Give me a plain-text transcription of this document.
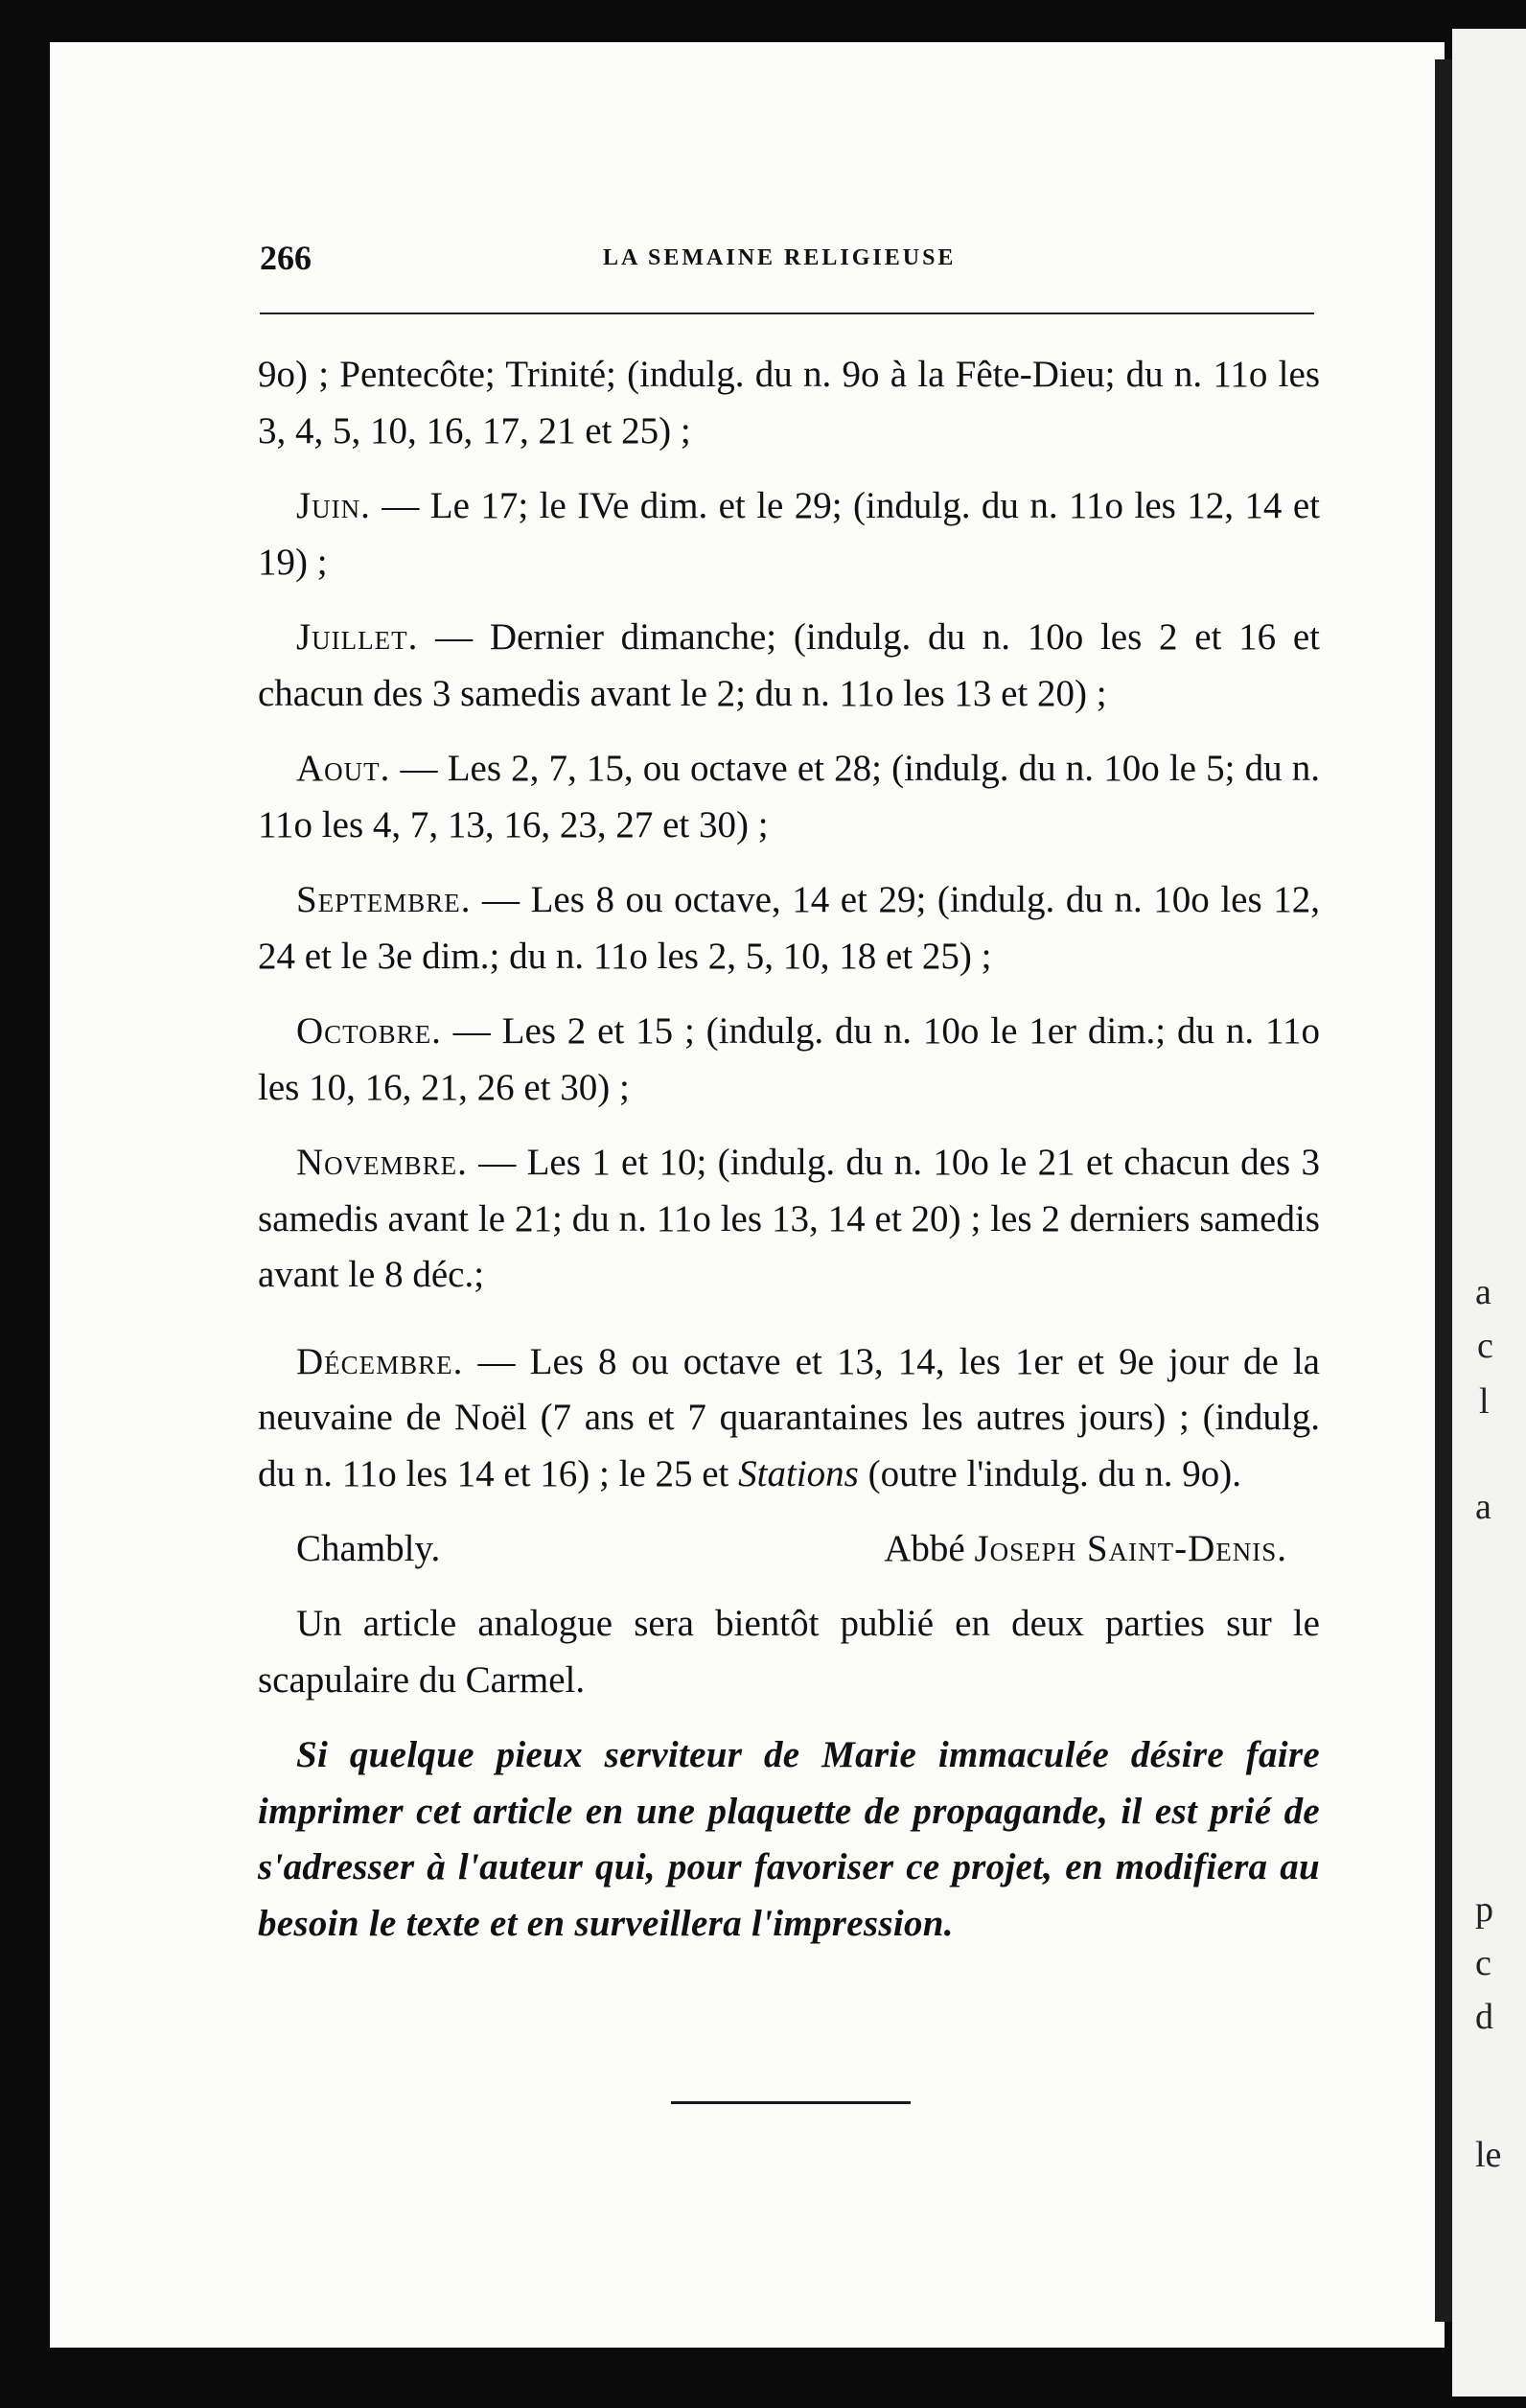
a
c
l
a
p
c
d
le
266	LA SEMAINE RELIGIEUSE

9o) ; Pentecôte; Trinité; (indulg. du n. 9o à la Fête-Dieu; du n. 11o les 3, 4, 5, 10, 16, 17, 21 et 25) ;

Juin. — Le 17; le IVe dim. et le 29; (indulg. du n. 11o les 12, 14 et 19) ;

Juillet. — Dernier dimanche; (indulg. du n. 10o les 2 et 16 et chacun des 3 samedis avant le 2; du n. 11o les 13 et 20) ;

Aout. — Les 2, 7, 15, ou octave et 28; (indulg. du n. 10o le 5; du n. 11o les 4, 7, 13, 16, 23, 27 et 30) ;

Septembre. — Les 8 ou octave, 14 et 29; (indulg. du n. 10o les 12, 24 et le 3e dim.; du n. 11o les 2, 5, 10, 18 et 25) ;

Octobre. — Les 2 et 15 ; (indulg. du n. 10o le 1er dim.; du n. 11o les 10, 16, 21, 26 et 30) ;

Novembre. — Les 1 et 10; (indulg. du n. 10o le 21 et chacun des 3 samedis avant le 21; du n. 11o les 13, 14 et 20) ; les 2 derniers samedis avant le 8 déc.;

Décembre. — Les 8 ou octave et 13, 14, les 1er et 9e jour de la neuvaine de Noël (7 ans et 7 quarantaines les autres jours) ; (indulg. du n. 11o les 14 et 16) ; le 25 et Stations (outre l'indulg. du n. 9o).

Chambly.	Abbé Joseph Saint-Denis.

Un article analogue sera bientôt publié en deux parties sur le scapulaire du Carmel.

Si quelque pieux serviteur de Marie immaculée désire faire imprimer cet article en une plaquette de propagande, il est prié de s'adresser à l'auteur qui, pour favoriser ce projet, en modifiera au besoin le texte et en surveillera l'impression.
